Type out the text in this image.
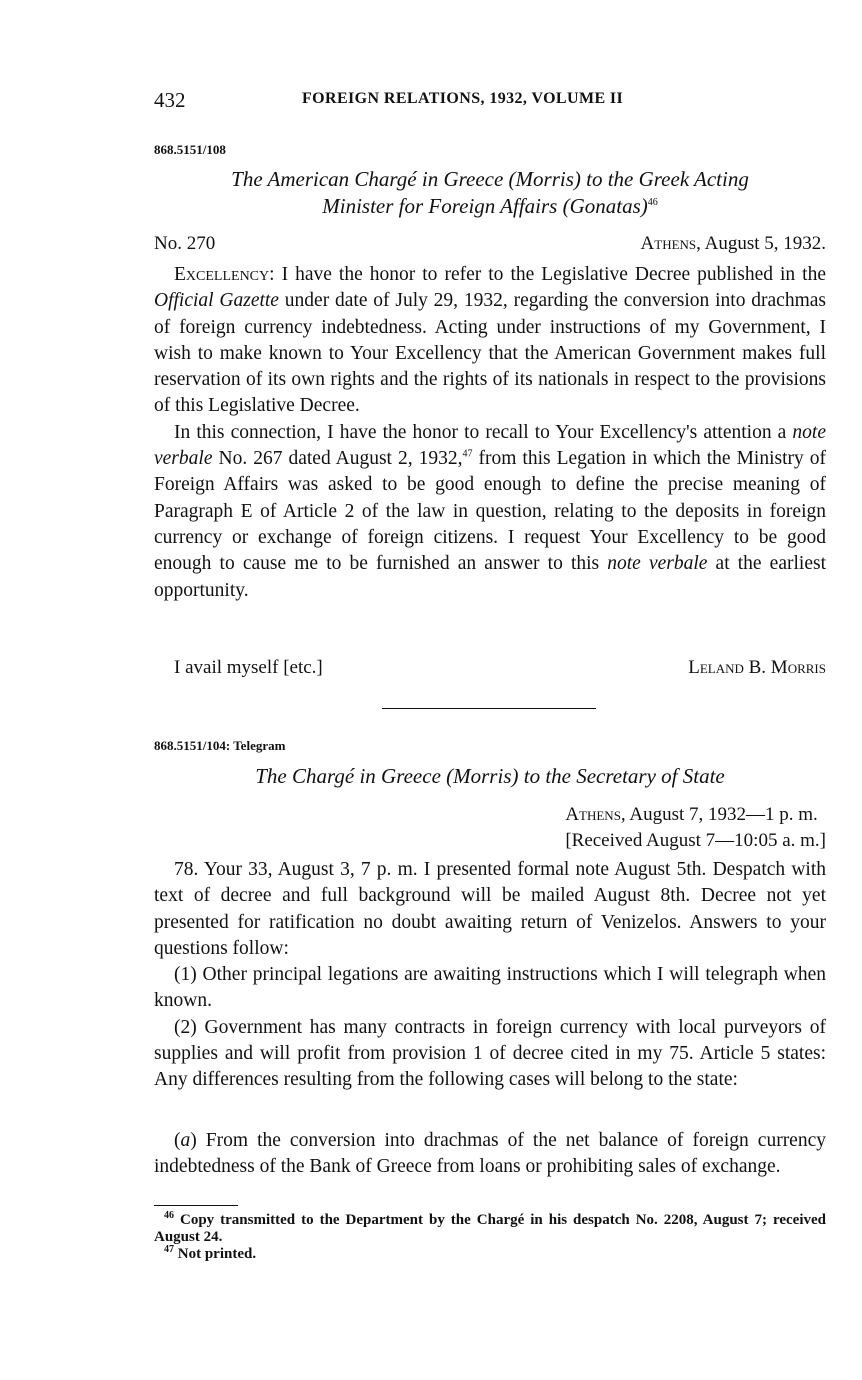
432	FOREIGN RELATIONS, 1932, VOLUME II
868.5151/108
The American Chargé in Greece (Morris) to the Greek Acting
Minister for Foreign Affairs (Gonatas)$^{46}$
No. 270	Athens, August 5, 1932.

Excellency: I have the honor to refer to the Legislative Decree published in the Official Gazette under date of July 29, 1932, regarding the conversion into drachmas of foreign currency indebtedness. Acting under instructions of my Government, I wish to make known to Your Excellency that the American Government makes full reservation of its own rights and the rights of its nationals in respect to the provisions of this Legislative Decree.

In this connection, I have the honor to recall to Your Excellency's attention a note verbale No. 267 dated August 2, 1932,47 from this Legation in which the Ministry of Foreign Affairs was asked to be good enough to define the precise meaning of Paragraph E of Article 2 of the law in question, relating to the deposits in foreign currency or exchange of foreign citizens. I request Your Excellency to be good enough to cause me to be furnished an answer to this note verbale at the earliest opportunity.

I avail myself [etc.]	Leland B. Morris
868.5151/104: Telegram
The Chargé in Greece (Morris) to the Secretary of State
Athens, August 7, 1932—1 p. m.
[Received August 7—10:05 a. m.]

78. Your 33, August 3, 7 p. m. I presented formal note August 5th. Despatch with text of decree and full background will be mailed August 8th. Decree not yet presented for ratification no doubt awaiting return of Venizelos. Answers to your questions follow:

(1) Other principal legations are awaiting instructions which I will telegraph when known.

(2) Government has many contracts in foreign currency with local purveyors of supplies and will profit from provision 1 of decree cited in my 75. Article 5 states: Any differences resulting from the following cases will belong to the state:

(a) From the conversion into drachmas of the net balance of foreign currency indebtedness of the Bank of Greece from loans or prohibiting sales of exchange.

$^{46}$ Copy transmitted to the Department by the Chargé in his despatch No. 2208, August 7; received August 24.

$^{47}$ Not printed.
